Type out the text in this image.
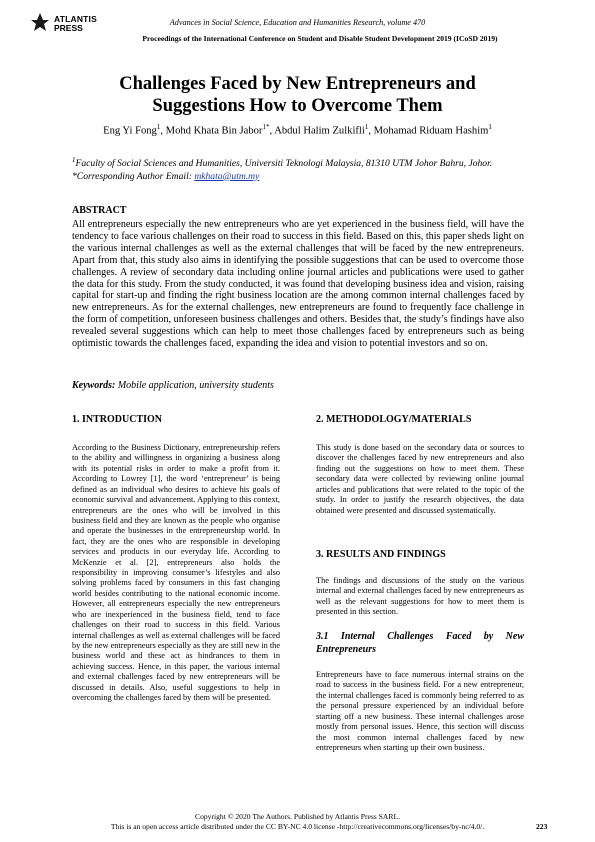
ATLANTIS
PRESS
Advances in Social Science, Education and Humanities Research, volume 470
Proceedings of the International Conference on Student and Disable Student Development 2019 (ICoSD 2019)
Challenges Faced by New Entrepreneurs and
Suggestions How to Overcome Them
Eng Yi Fong$^1$, Mohd Khata Bin Jabor$^{1*}$, Abdul Halim Zulkifli$^1$, Mohamad Riduam Hashim$^1$
$^1$Faculty of Social Sciences and Humanities, Universiti Teknologi Malaysia, 81310 UTM Johor Bahru, Johor.
*Corresponding Author Email: mkhata@utm.my
ABSTRACT
All entrepreneurs especially the new entrepreneurs who are yet experienced in the business field, will have the tendency to face various challenges on their road to success in this field. Based on this, this paper sheds light on the various internal challenges as well as the external challenges that will be faced by the new entrepreneurs. Apart from that, this study also aims in identifying the possible suggestions that can be used to overcome those challenges. A review of secondary data including online journal articles and publications were used to gather the data for this study. From the study conducted, it was found that developing business idea and vision, raising capital for start-up and finding the right business location are the among common internal challenges faced by new entrepreneurs. As for the external challenges, new entrepreneurs are found to frequently face challenge in the form of competition, unforeseen business challenges and others. Besides that, the study’s findings have also revealed several suggestions which can help to meet those challenges faced by entrepreneurs such as being optimistic towards the challenges faced, expanding the idea and vision to potential investors and so on.
Keywords: Mobile application, university students
1. INTRODUCTION
According to the Business Dictionary, entrepreneurship refers to the ability and willingness in organizing a business along with its potential risks in order to make a profit from it. According to Lowrey [1], the word ‘entrepreneur’ is being defined as an individual who desires to achieve his goals of economic survival and advancement. Applying to this context, entrepreneurs are the ones who will be involved in this business field and they are known as the people who organise and operate the businesses in the entrepreneurship world. In fact, they are the ones who are responsible in developing services and products in our everyday life. According to McKenzie et al. [2], entrepreneurs also holds the responsibility in improving consumer’s lifestyles and also solving problems faced by consumers in this fast changing world besides contributing to the national economic income. However, all entrepreneurs especially the new entrepreneurs who are inexperienced in the business field, tend to face challenges on their road to success in this field. Various internal challenges as well as external challenges will be faced by the new entrepreneurs especially as they are still new in the business world and these act as hindrances to them in achieving success. Hence, in this paper, the various internal and external challenges faced by new entrepreneurs will be discussed in details. Also, useful suggestions to help in overcoming the challenges faced by them will be presented.
2. METHODOLOGY/MATERIALS
This study is done based on the secondary data or sources to discover the challenges faced by new entrepreneurs and also finding out the suggestions on how to meet them. These secondary data were collected by reviewing online journal articles and publications that were related to the topic of the study. In order to justify the research objectives, the data obtained were presented and discussed systematically.
3. RESULTS AND FINDINGS
The findings and discussions of the study on the various internal and external challenges faced by new entrepreneurs as well as the relevant suggestions for how to meet them is presented in this section.
3.1 Internal Challenges Faced by New Entrepreneurs
Entrepreneurs have to face numerous internal strains on the road to success in the business field. For a new entrepreneur, the internal challenges faced is commonly being referred to as the personal pressure experienced by an individual before starting off a new business. These internal challenges arose mostly from personal issues. Hence, this section will discuss the most common internal challenges faced by new entrepreneurs when starting up their own business.
Copyright © 2020 The Authors. Published by Atlantis Press SARL.
This is an open access article distributed under the CC BY-NC 4.0 license -http://creativecommons.org/licenses/by-nc/4.0/.	223
